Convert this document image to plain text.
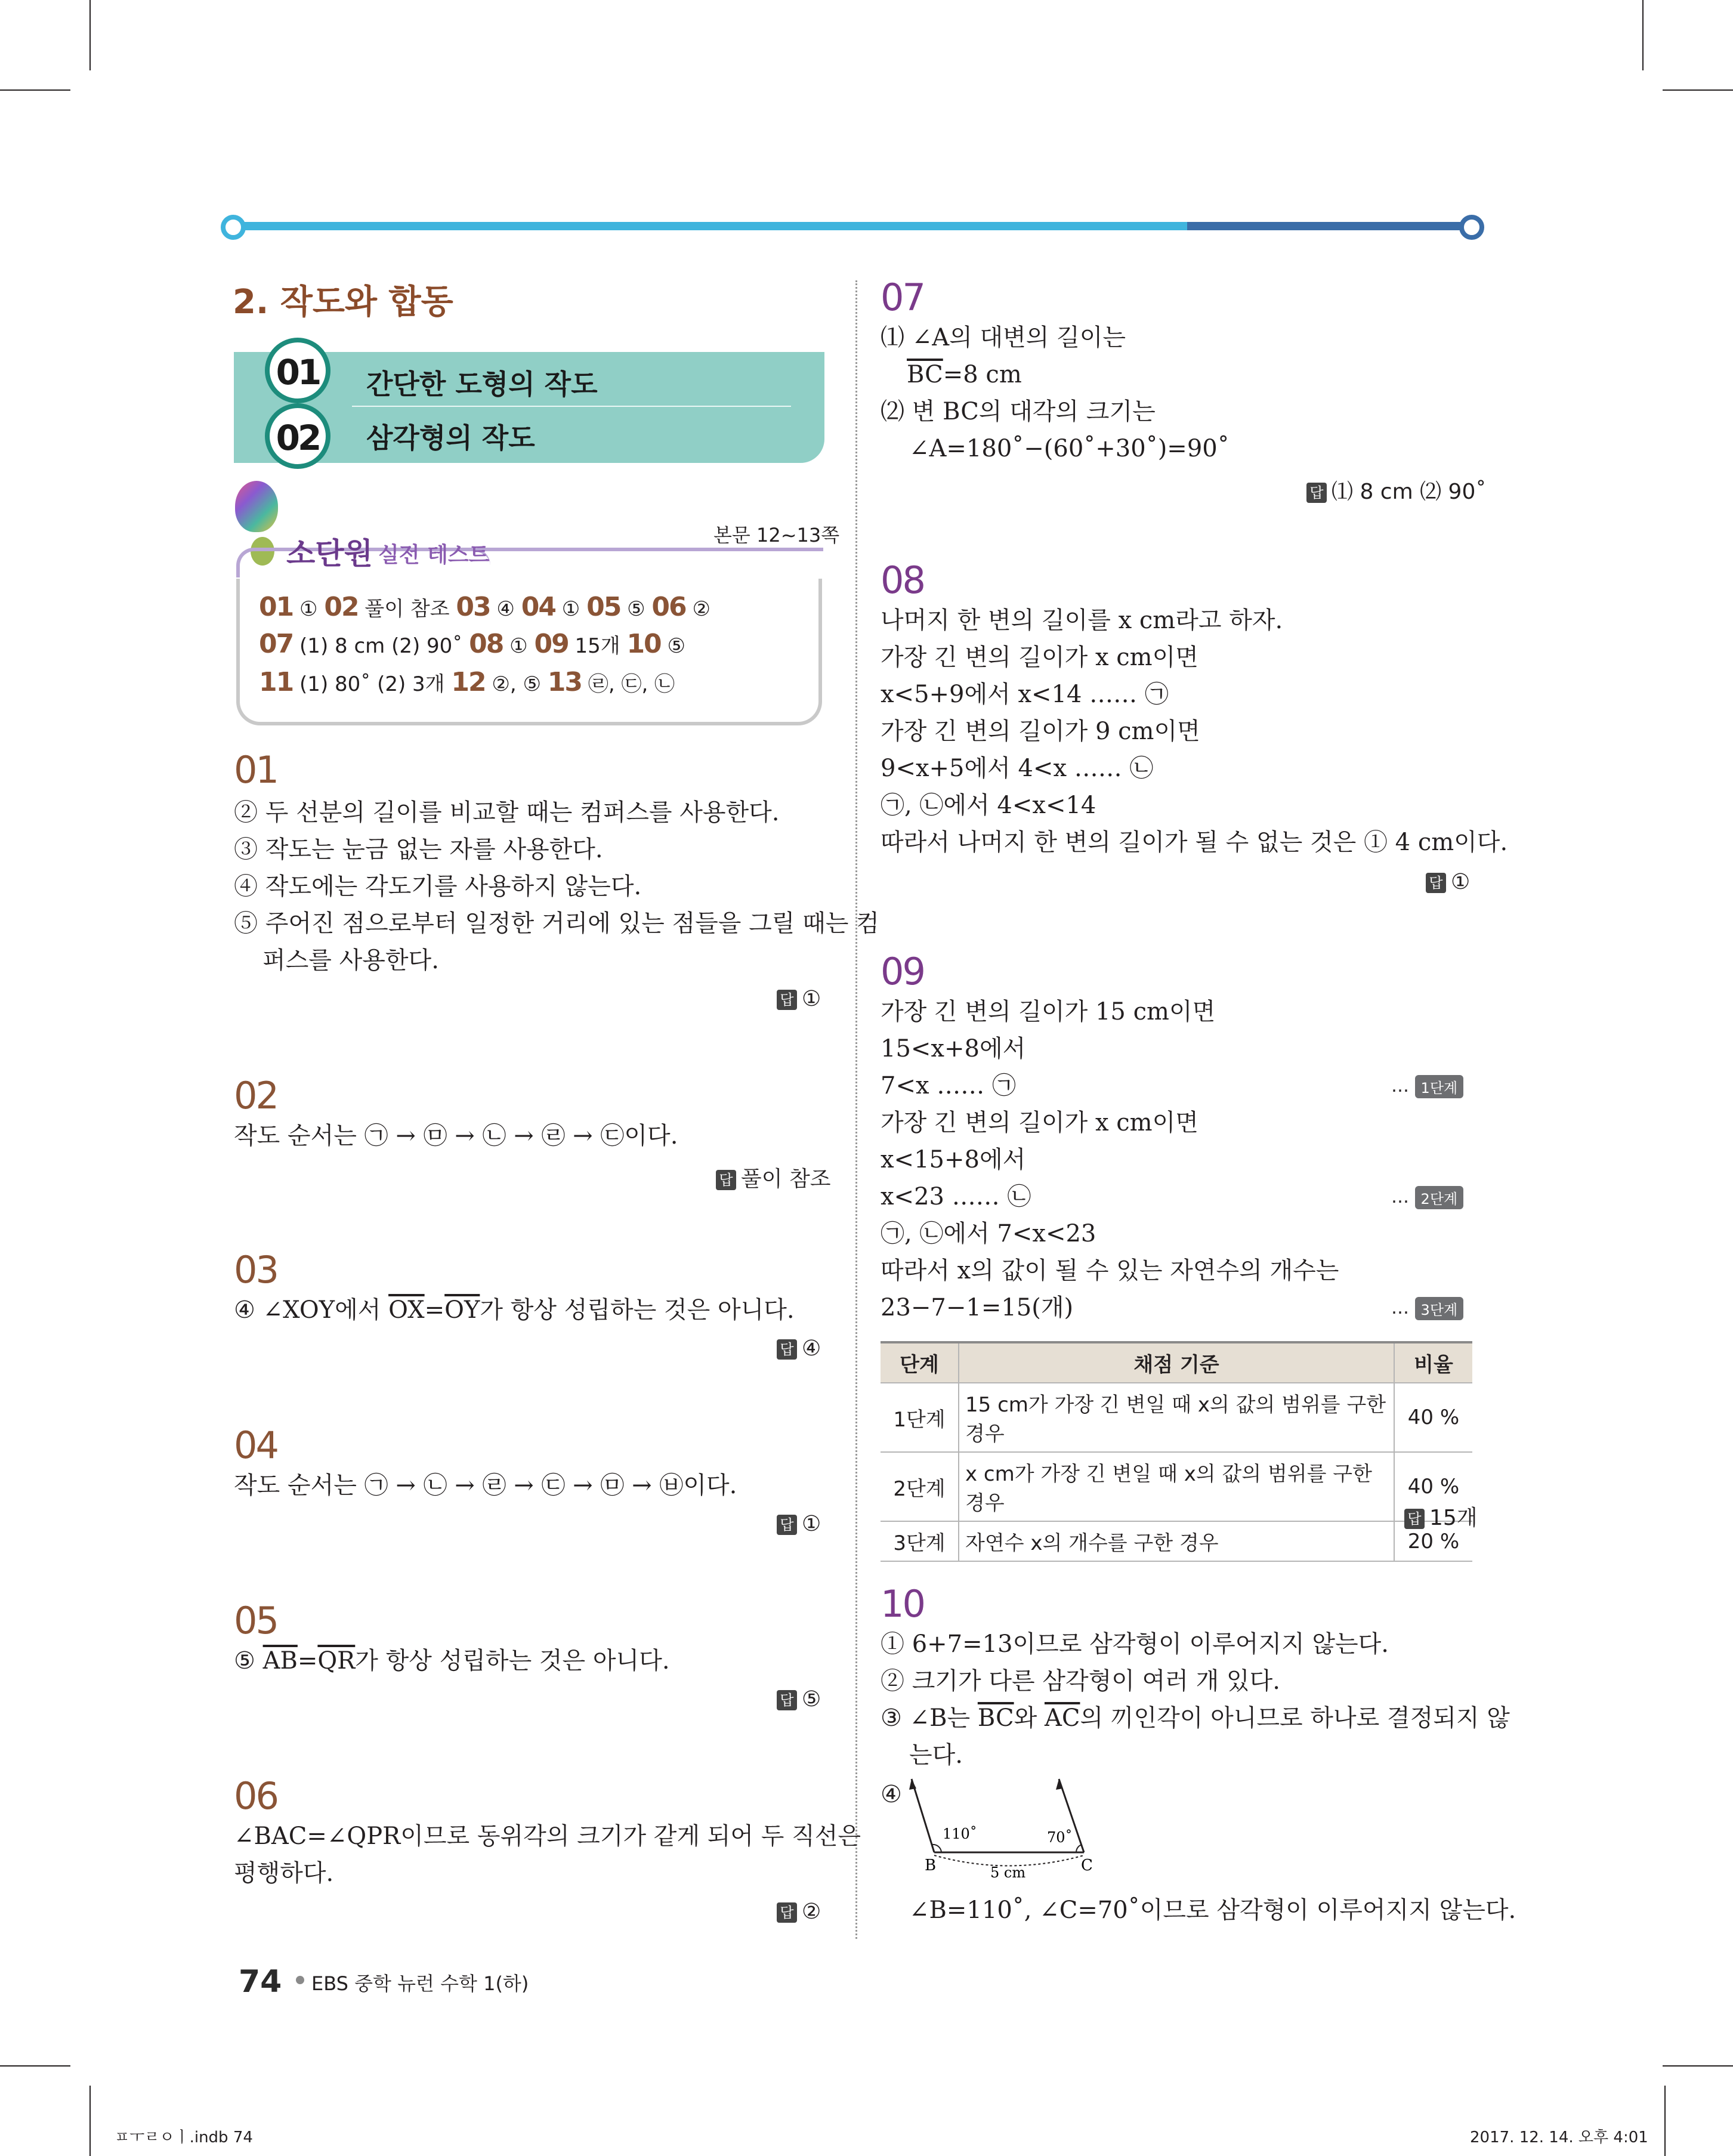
2. 작도와 합동
01
02
간단한 도형의 작도
삼각형의 작도
소단원 실전 테스트
본문 12~13쪽
01 ① 02 풀이 참조 03 ④ 04 ① 05 ⑤ 06 ②
07 (1) 8 cm (2) 90˚ 08 ① 09 15개 10 ⑤
11 (1) 80˚ (2) 3개 12 ②, ⑤ 13 ㉣, ㉢, ㉡
01
② 두 선분의 길이를 비교할 때는 컴퍼스를 사용한다.
③ 작도는 눈금 없는 자를 사용한다.
④ 작도에는 각도기를 사용하지 않는다.
⑤ 주어진 점으로부터 일정한 거리에 있는 점들을 그릴 때는 컴
퍼스를 사용한다.
답 ①
02
작도 순서는 ㉠ → ㉤ → ㉡ → ㉣ → ㉢이다.
답 풀이 참조
03
④ ∠XOY에서 $\overline{OX}=\overline{OY}$가 항상 성립하는 것은 아니다.
답 ④
04
작도 순서는 ㉠ → ㉡ → ㉣ → ㉢ → ㉤ → ㉥이다.
답 ①
05
⑤ $\overline{AB}=\overline{QR}$가 항상 성립하는 것은 아니다.
답 ⑤
06
∠BAC=∠QPR이므로 동위각의 크기가 같게 되어 두 직선은
평행하다.
답 ②
07
⑴ ∠A의 대변의 길이는
$\overline{BC}=8$ cm
⑵ 변 BC의 대각의 크기는
∠A=180˚−(60˚+30˚)=90˚
답 ⑴ 8 cm ⑵ 90˚
08
나머지 한 변의 길이를 x cm라고 하자.
가장 긴 변의 길이가 x cm이면
x<5+9에서 x<14 …… ㉠
가장 긴 변의 길이가 9 cm이면
9<x+5에서 4<x …… ㉡
㉠, ㉡에서 4<x<14
따라서 나머지 한 변의 길이가 될 수 없는 것은 ① 4 cm이다.
답 ①
09
가장 긴 변의 길이가 15 cm이면
15<x+8에서
7<x …… ㉠
가장 긴 변의 길이가 x cm이면
x<15+8에서
x<23 …… ㉡
㉠, ㉡에서 7<x<23
따라서 x의 값이 될 수 있는 자연수의 개수는
23−7−1=15(개)
… 1단계
… 2단계
… 3단계
단계	채점 기준	비율
1단계	15 cm가 가장 긴 변일 때 x의 값의 범위를 구한 경우	40 %
2단계	x cm가 가장 긴 변일 때 x의 값의 범위를 구한 경우	40 %
3단계	자연수 x의 개수를 구한 경우	20 %
답 15개
10
① 6+7=13이므로 삼각형이 이루어지지 않는다.
② 크기가 다른 삼각형이 여러 개 있다.
③ ∠B는 $\overline{BC}$와 $\overline{AC}$의 끼인각이 아니므로 하나로 결정되지 않
는다.
④
110˚	70˚
B	C
5 cm
∠B=110˚, ∠C=70˚이므로 삼각형이 이루어지지 않는다.
74 EBS 중학 뉴런 수학 1(하)
ㅍㅜㄹㅇㅣ.indb 74	2017. 12. 14. 오후 4:01
